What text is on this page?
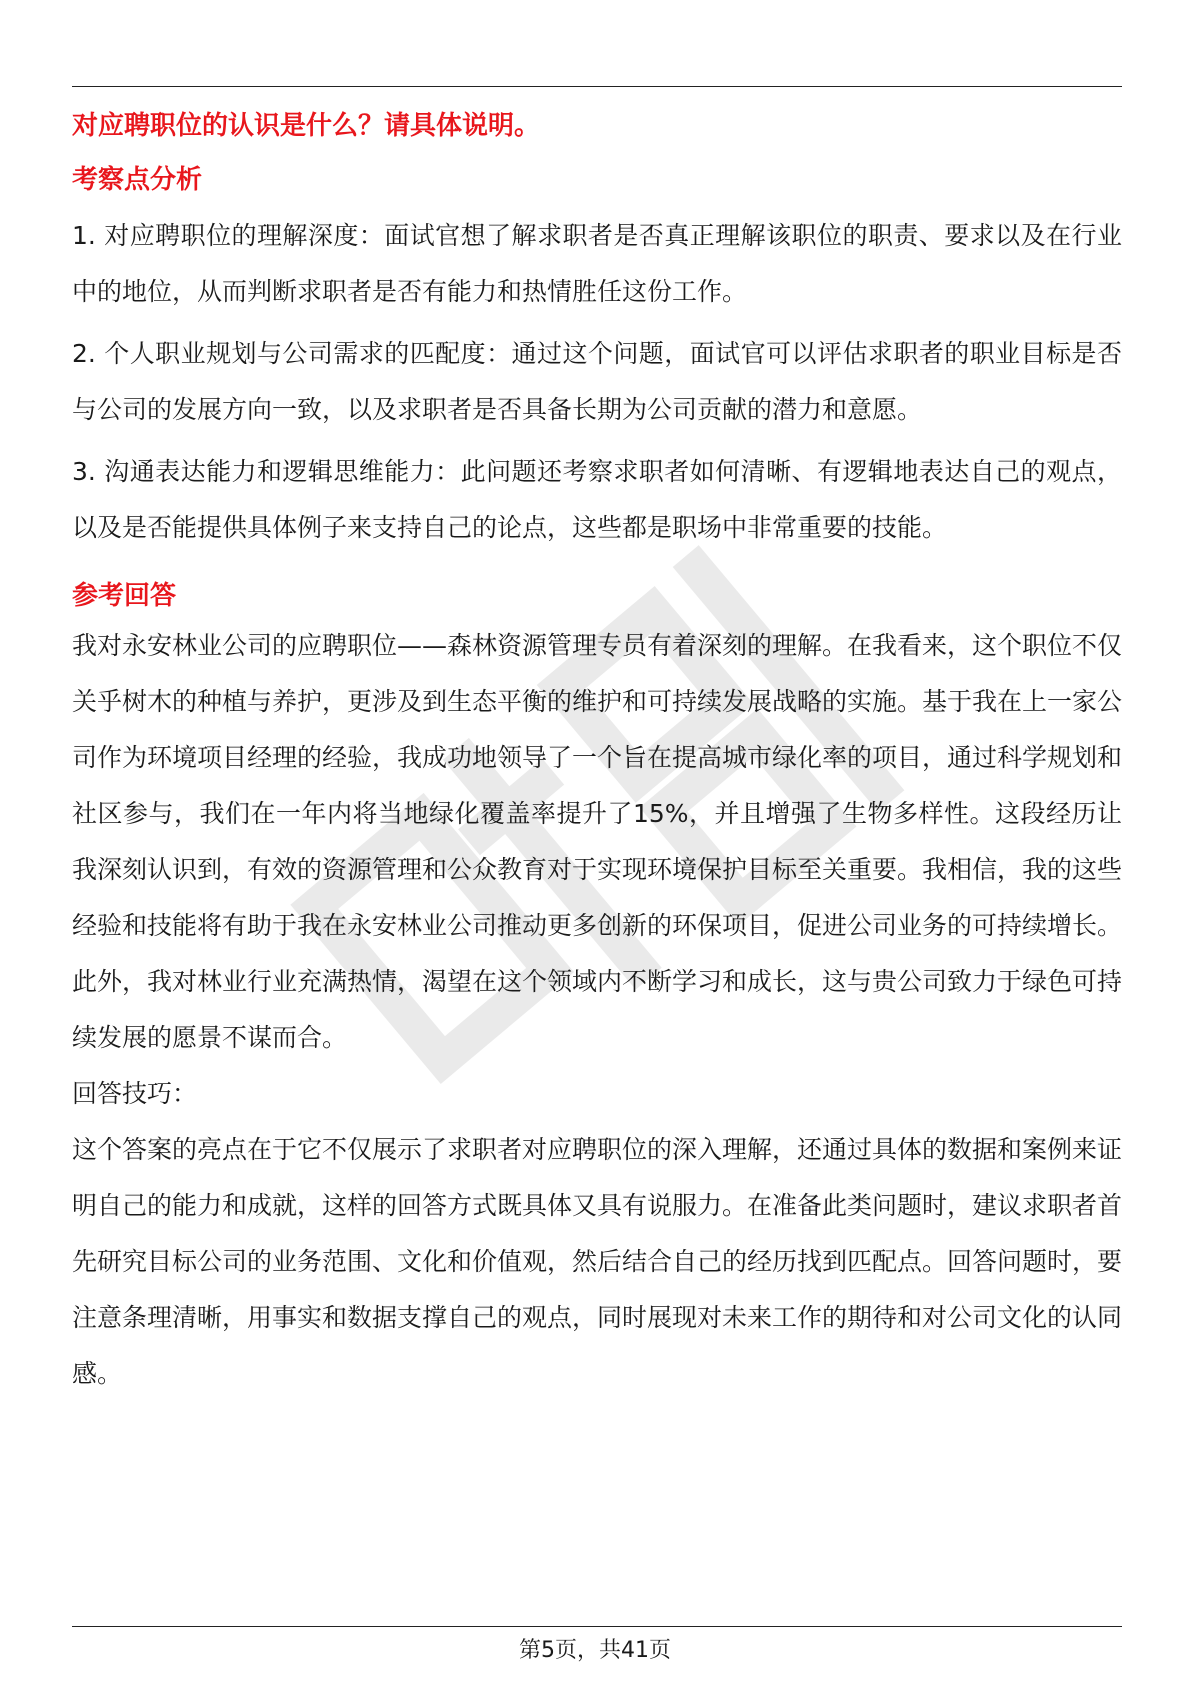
对应聘职位的认识是什么？请具体说明。

考察点分析

1. 对应聘职位的理解深度：面试官想了解求职者是否真正理解该职位的职责、要求以及在行业中的地位，从而判断求职者是否有能力和热情胜任这份工作。

2. 个人职业规划与公司需求的匹配度：通过这个问题，面试官可以评估求职者的职业目标是否与公司的发展方向一致，以及求职者是否具备长期为公司贡献的潜力和意愿。

3. 沟通表达能力和逻辑思维能力：此问题还考察求职者如何清晰、有逻辑地表达自己的观点，以及是否能提供具体例子来支持自己的论点，这些都是职场中非常重要的技能。

参考回答

我对永安林业公司的应聘职位——森林资源管理专员有着深刻的理解。在我看来，这个职位不仅关乎树木的种植与养护，更涉及到生态平衡的维护和可持续发展战略的实施。基于我在上一家公司作为环境项目经理的经验，我成功地领导了一个旨在提高城市绿化率的项目，通过科学规划和社区参与，我们在一年内将当地绿化覆盖率提升了15%，并且增强了生物多样性。这段经历让我深刻认识到，有效的资源管理和公众教育对于实现环境保护目标至关重要。我相信，我的这些经验和技能将有助于我在永安林业公司推动更多创新的环保项目，促进公司业务的可持续增长。此外，我对林业行业充满热情，渴望在这个领域内不断学习和成长，这与贵公司致力于绿色可持续发展的愿景不谋而合。

回答技巧：

这个答案的亮点在于它不仅展示了求职者对应聘职位的深入理解，还通过具体的数据和案例来证明自己的能力和成就，这样的回答方式既具体又具有说服力。在准备此类问题时，建议求职者首先研究目标公司的业务范围、文化和价值观，然后结合自己的经历找到匹配点。回答问题时，要注意条理清晰，用事实和数据支撑自己的观点，同时展现对未来工作的期待和对公司文化的认同感。

第5页，共41页
